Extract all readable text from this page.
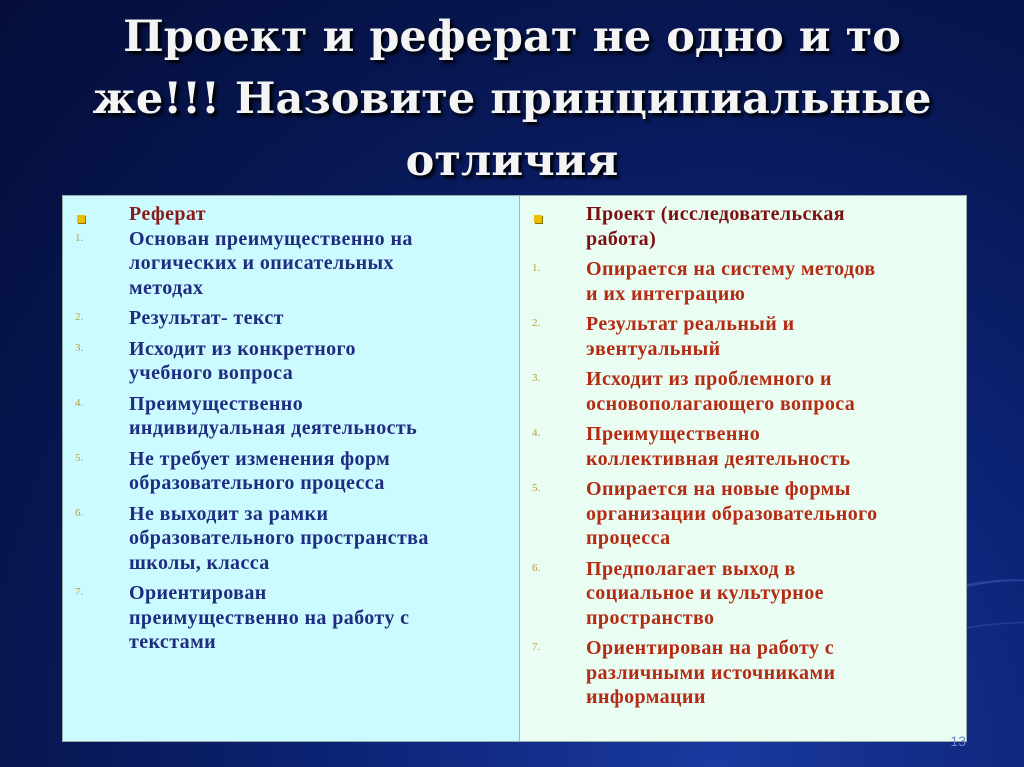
Проект и реферат не одно и то
же!!! Назовите принципиальные
отличия
Реферат
1.	Основан преимущественно на
логических и описательных
методах
2.	Результат- текст
3.	Исходит из конкретного
учебного вопроса
4.	Преимущественно
индивидуальная деятельность
5.	Не требует изменения форм
образовательного процесса
6.	Не выходит за рамки
образовательного пространства
школы, класса
7.	Ориентирован
преимущественно на работу с
текстами
Проект (исследовательская
работа)
1.	Опирается на систему методов
и их интеграцию
2.	Результат реальный и
эвентуальный
3.	Исходит из проблемного и
основополагающего вопроса
4.	Преимущественно
коллективная деятельность
5.	Опирается на новые формы
организации образовательного
процесса
6.	Предполагает выход в
социальное и культурное
пространство
7.	Ориентирован на работу с
различными источниками
информации
13
